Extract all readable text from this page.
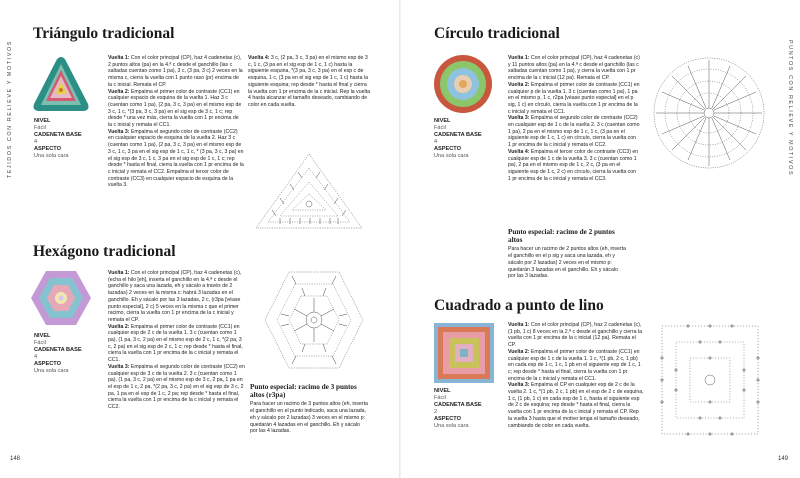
TEJIDOS CON RELIEVE Y MOTIVOS	PUNTOS CON RELIEVE Y MOTIVOS
Triángulo tradicional
NIVEL
Fácil
CADENETA BASE
4
ASPECTO
Una sola cara

Vuelta 1: Con el color principal (CP), haz 4 cadenetas (c), 2 puntos altos (pa) en la 4.ª c desde el ganchillo (las c saltadas cuentan como 1 pa), 3 c, (3 pa, 3 c) 2 veces en la misma c, cierra la vuelta con 1 punto raso (pr) encima de la c inicial. Remata el CP.

Vuelta 2: Empalma el primer color de contraste (CC1) en cualquier espacio de esquina de la vuelta 1. Haz 3 c (cuentan como 1 pa), (2 pa, 3 c, 3 pa) en el mismo esp de 3 c, 1 c, *(3 pa, 3 c, 3 pa) en el sig esp de 3 c, 1 c; rep desde * una vez más, cierra la vuelta con 1 pr encima de la c inicial y remata el CC1.

Vuelta 3: Empalma el segundo color de contraste (CC2) en cualquier espacio de esquina de la vuelta 2. Haz 3 c (cuentan como 1 pa), (2 pa, 3 c, 3 pa) en el mismo esp de 3 c, 1 c, 3 pa en el sig esp de 1 c, 1 c, * (3 pa, 3 c, 3 pa) en el sig esp de 3 c, 1 c, 3 pa en el sig esp de 1 c, 1 c; rep desde * hasta el final, cierra la vuelta con 1 pr encima de la c inicial y remata el CC2. Empalma el tercer color de contraste (CC3) en cualquier espacio de esquina de la vuelta 3.

Vuelta 4: 3 c, (2 pa, 3 c, 3 pa) en el mismo esp de 3 c, 1 c, (3 pa en el sig esp de 1 c, 1 c) hasta la siguiente esquina, *(3 pa, 3 c, 3 pa) en el esp c de esquina, 1 c, (3 pa en el sig esp de 1 c, 1 c) hasta la siguiente esquina; rep desde * hasta el final y cierra la vuelta con 1 pr encima de la c inicial. Rep la vuelta 4 hasta alcanzar el tamaño deseado, cambiando de color en cada vuelta.

Hexágono tradicional
NIVEL
Fácil
CADENETA BASE
4
ASPECTO
Una sola cara

Vuelta 1: Con el color principal (CP), haz 4 cadenetas (c), (echa el hilo [eh], inserta el ganchillo en la 4.ª c desde el ganchillo y saca una lazada, eh y sácalo a través de 2 lazadas) 2 veces en la misma c: habrá 3 lazadas en el ganchillo. Eh y sácalo por las 3 lazadas, 2 c, (r3pa [véase punto especial], 2 c) 5 veces en la misma c que el primer racimo, cierra la vuelta con 1 pr encima de la c inicial y remata el CP.

Vuelta 2: Empalma el primer color de contraste (CC1) en cualquier esp de 2 c de la vuelta 1. 3 c (cuentan como 1 pa), (1 pa, 3 c, 2 pa) en el mismo esp de 2 c, 1 c, *(2 pa, 3 c, 2 pa) en el sig esp de 2 c, 1 c; rep desde * hasta el final, cierra la vuelta con 1 pr encima de la c inicial y remata el CC1.

Vuelta 3: Empalma el segundo color de contraste (CC2) en cualquier esp de 3 c de la vuelta 2. 3 c (cuentan como 1 pa), (1 pa, 3 c, 2 pa) en el mismo esp de 3 c, 2 pa, 1 pa en el esp de 1 c, 2 pa, *(2 pa, 3 c, 2 pa) en el sig esp de 3 c, 2 pa, 1 pa en el esp de 1 c, 2 pa; rep desde * hasta el final, cierra la vuelta con 1 pr encima de la c inicial y remata el CC2.

Punto especial: racimo de 3 puntos altos (r3pa)

Para hacer un racimo de 3 puntos altos (eh, inserta el ganchillo en el punto indicado, saca una lazada, eh y sácalo por 2 lazadas) 3 veces en el mismo p: quedarán 4 lazadas en el ganchillo. Eh y sácalo por las 4 lazadas.

148
Círculo tradicional
NIVEL
Fácil
CADENETA BASE
4
ASPECTO
Una sola cara

Vuelta 1: Con el color principal (CP), haz 4 cadenetas (c) y 11 puntos altos (pa) en la 4.ª c desde el ganchillo (las c saltadas cuentan como 1 pa), y cierra la vuelta con 1 pr encima de la c inicial (12 pa). Remata el CP.

Vuelta 2: Empalma el primer color de contraste (CC1) en cualquier p de la vuelta 1. 3 c (cuentan como 1 pa), 1 pa en el mismo p, 1 c, r2pa [véase punto especial] en el p sig, 1 c) en círculo, cierra la vuelta con 1 pr encima de la c inicial y remata el CC1.

Vuelta 3: Empalma el segundo color de contraste (CC2) en cualquier esp de 1 c de la vuelta 2. 3 c (cuentan como 1 pa), 2 pa en el mismo esp de 1 c, 1 c, (3 pa en el siguiente esp de 1 c, 1 c) en círculo, cierra la vuelta con 1 pr encima de la c inicial y remata el CC2.

Vuelta 4: Empalma el tercer color de contraste (CC3) en cualquier esp de 1 c de la vuelta 3. 3 c (cuentan como 1 pa), 2 pa en el mismo esp de 1 c, 2 c, (3 pa en el siguiente esp de 1 c, 2 c) en círculo, cierra la vuelta con 1 pr encima de la c inicial y remata el CC3.

Punto especial: racimo de 2 puntos altos

Para hacer un racimo de 2 puntos altos (eh, inserta el ganchillo en el p sig y saca una lazada, eh y sácalo por 2 lazadas) 2 veces en el mismo p: quedarán 3 lazadas en el ganchillo. Eh y sácalo por las 3 lazadas.

Cuadrado a punto de lino
NIVEL
Fácil
CADENETA BASE
2
ASPECTO
Una sola cara

Vuelta 1: Con el color principal (CP), haz 2 cadenetas (c), (1 pb, 1 c) 8 veces en la 2.ª c desde el ganchillo y cierra la vuelta con 1 pr encima de la c inicial (12 pa). Remata el CP.

Vuelta 2: Empalma el primer color de contraste (CC1) en cualquier esp de 1 c de la vuelta 1. 1 c, *(1 pb, 2 c, 1 pb) en cada esp de 1 c, 1 c, 1 pb en el siguiente esp de 1 c, 1 c; rep desde * hasta el final, cierra la vuelta con 1 pr encima de la c inicial y remata el CC1.

Vuelta 3: Empalma el CP en cualquier esp de 2 c de la vuelta 2. 1 c, *(1 pb, 2 c, 1 pb) en el esp de 2 c de esquina, 1 c, (1 pb, 1 c) en cada esp de 1 c, hasta el siguiente esp de 2 c de esquina; rep desde * hasta el final, cierra la vuelta con 1 pr encima de la c inicial y remata el CP. Rep la vuelta 3 hasta que el motivo tenga el tamaño deseado, cambiando de color en cada vuelta.

149
